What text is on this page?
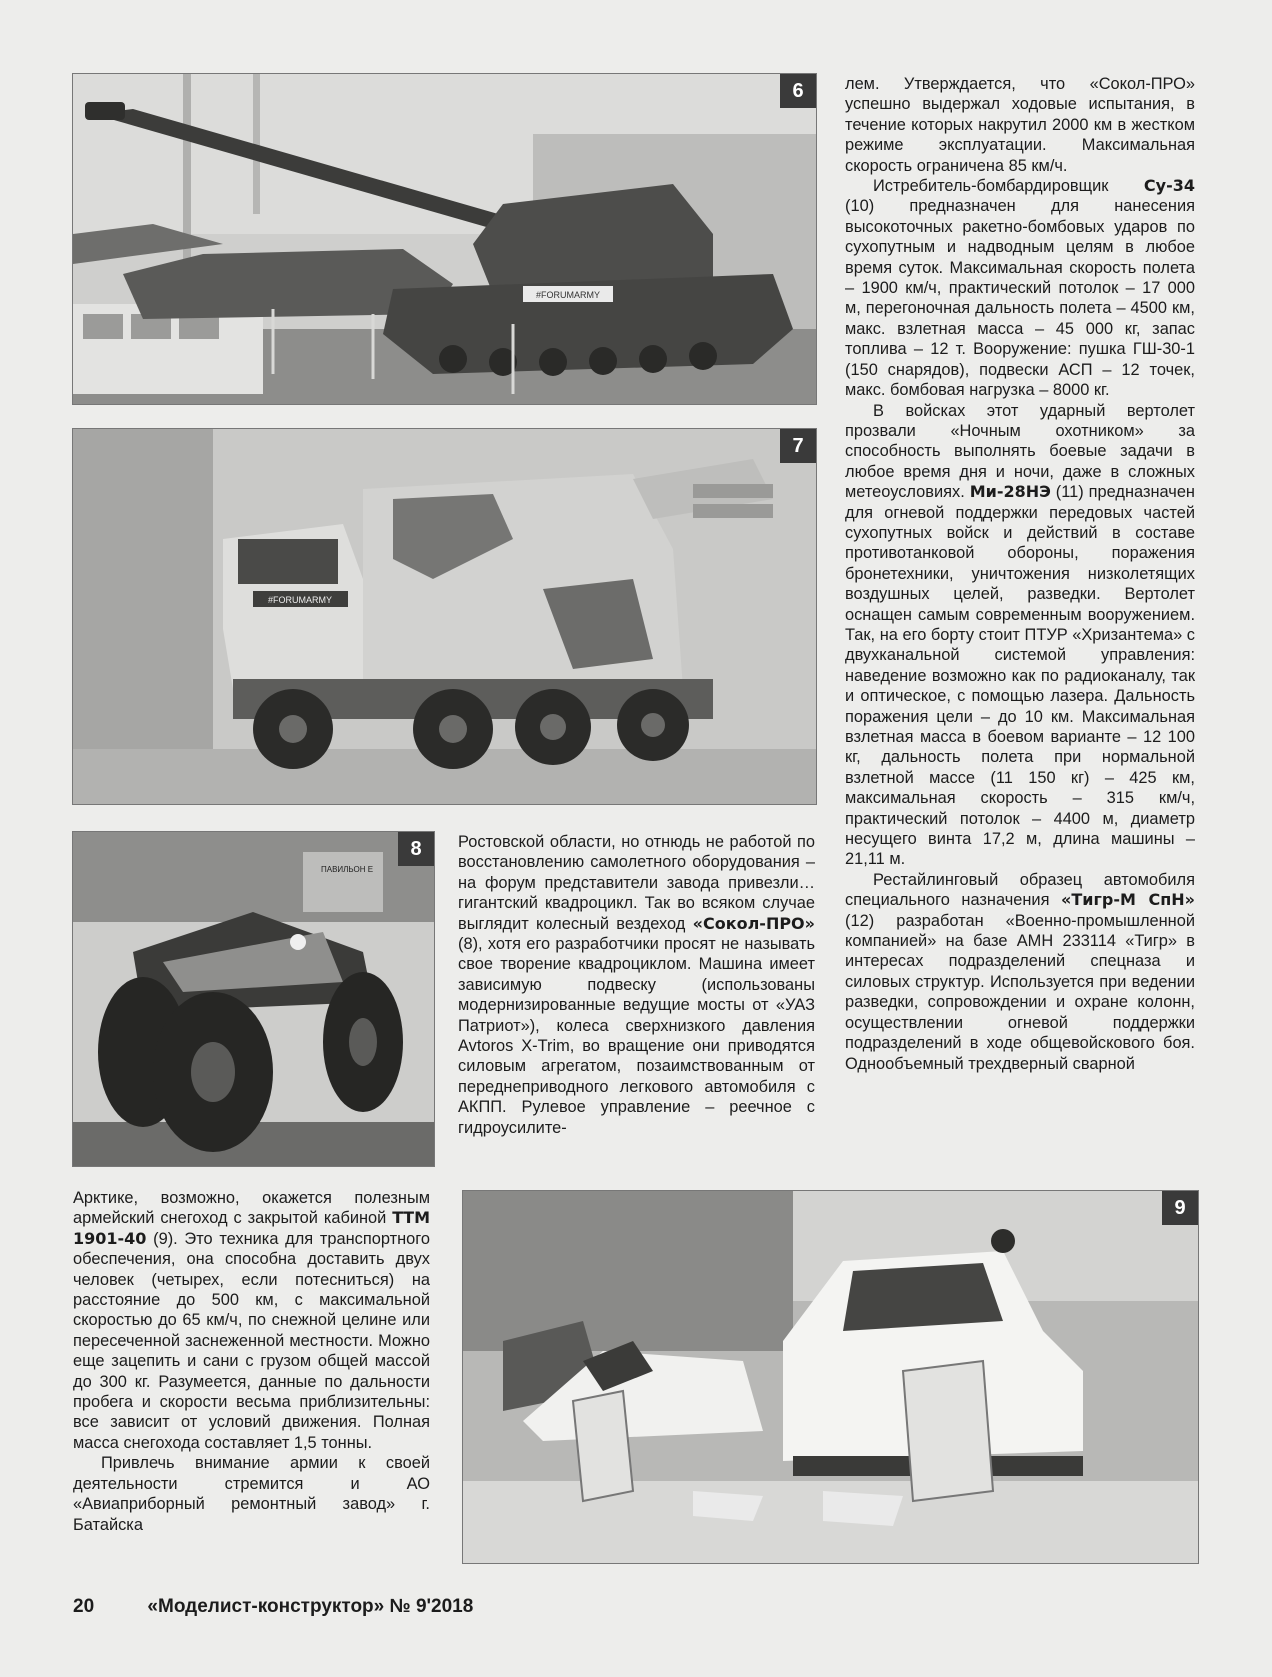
#FORUMARMY
6
#FORUMARMY
7
ПАВИЛЬОН E
8
9

лем. Утверждается, что «Сокол-ПРО» успешно выдержал ходовые испытания, в течение которых накрутил 2000 км в жестком режиме эксплуатации. Максимальная скорость ограничена 85 км/ч.

Истребитель-бомбардировщик Су-34 (10) предназначен для нанесения высокоточных ракетно-бомбовых ударов по сухопутным и надводным целям в любое время суток. Максимальная скорость полета – 1900 км/ч, практический потолок – 17 000 м, перегоночная дальность полета – 4500 км, макс. взлетная масса – 45 000 кг, запас топлива – 12 т. Вооружение: пушка ГШ-30-1 (150 снарядов), подвески АСП – 12 точек, макс. бомбовая нагрузка – 8000 кг.

В войсках этот ударный вертолет прозвали «Ночным охотником» за способность выполнять боевые задачи в любое время дня и ночи, даже в сложных метеоусловиях. Ми-28НЭ (11) предназначен для огневой поддержки передовых частей сухопутных войск и действий в составе противотанковой обороны, поражения бронетехники, уничтожения низколетящих воздушных целей, разведки. Вертолет оснащен самым современным вооружением. Так, на его борту стоит ПТУР «Хризантема» с двухканальной системой управления: наведение возможно как по радиоканалу, так и оптическое, с помощью лазера. Дальность поражения цели – до 10 км. Максимальная взлетная масса в боевом варианте – 12 100 кг, дальность полета при нормальной взлетной массе (11 150 кг) – 425 км, максимальная скорость – 315 км/ч, практический потолок – 4400 м, диаметр несущего винта 17,2 м, длина машины – 21,11 м.

Рестайлинговый образец автомобиля специального назначения «Тигр-М СпН» (12) разработан «Военно-промышленной компанией» на базе АМН 233114 «Тигр» в интересах подразделений спецназа и силовых структур. Используется при ведении разведки, сопровождении и охране колонн, осуществлении огневой поддержки подразделений в ходе общевойскового боя. Однообъемный трехдверный сварной

Ростовской области, но отнюдь не работой по восстановлению самолетного оборудования – на форум представители завода привезли… гигантский квадроцикл. Так во всяком случае выглядит колесный вездеход «Сокол-ПРО» (8), хотя его разработчики просят не называть свое творение квадроциклом. Машина имеет зависимую подвеску (использованы модернизированные ведущие мосты от «УАЗ Патриот»), колеса сверхнизкого давления Avtoros X-Trim, во вращение они приводятся силовым агрегатом, позаимствованным от переднеприводного легкового автомобиля с АКПП. Рулевое управление – реечное с гидроусилите-

Арктике, возможно, окажется полезным армейский снегоход с закрытой кабиной ТТМ 1901-40 (9). Это техника для транспортного обеспечения, она способна доставить двух человек (четырех, если потесниться) на расстояние до 500 км, с максимальной скоростью до 65 км/ч, по снежной целине или пересеченной заснеженной местности. Можно еще зацепить и сани с грузом общей массой до 300 кг. Разумеется, данные по дальности пробега и скорости весьма приблизительны: все зависит от условий движения. Полная масса снегохода составляет 1,5 тонны.

Привлечь внимание армии к своей деятельности стремится и АО «Авиаприборный ремонтный завод» г. Батайска

20	«Моделист-конструктор» № 9'2018
